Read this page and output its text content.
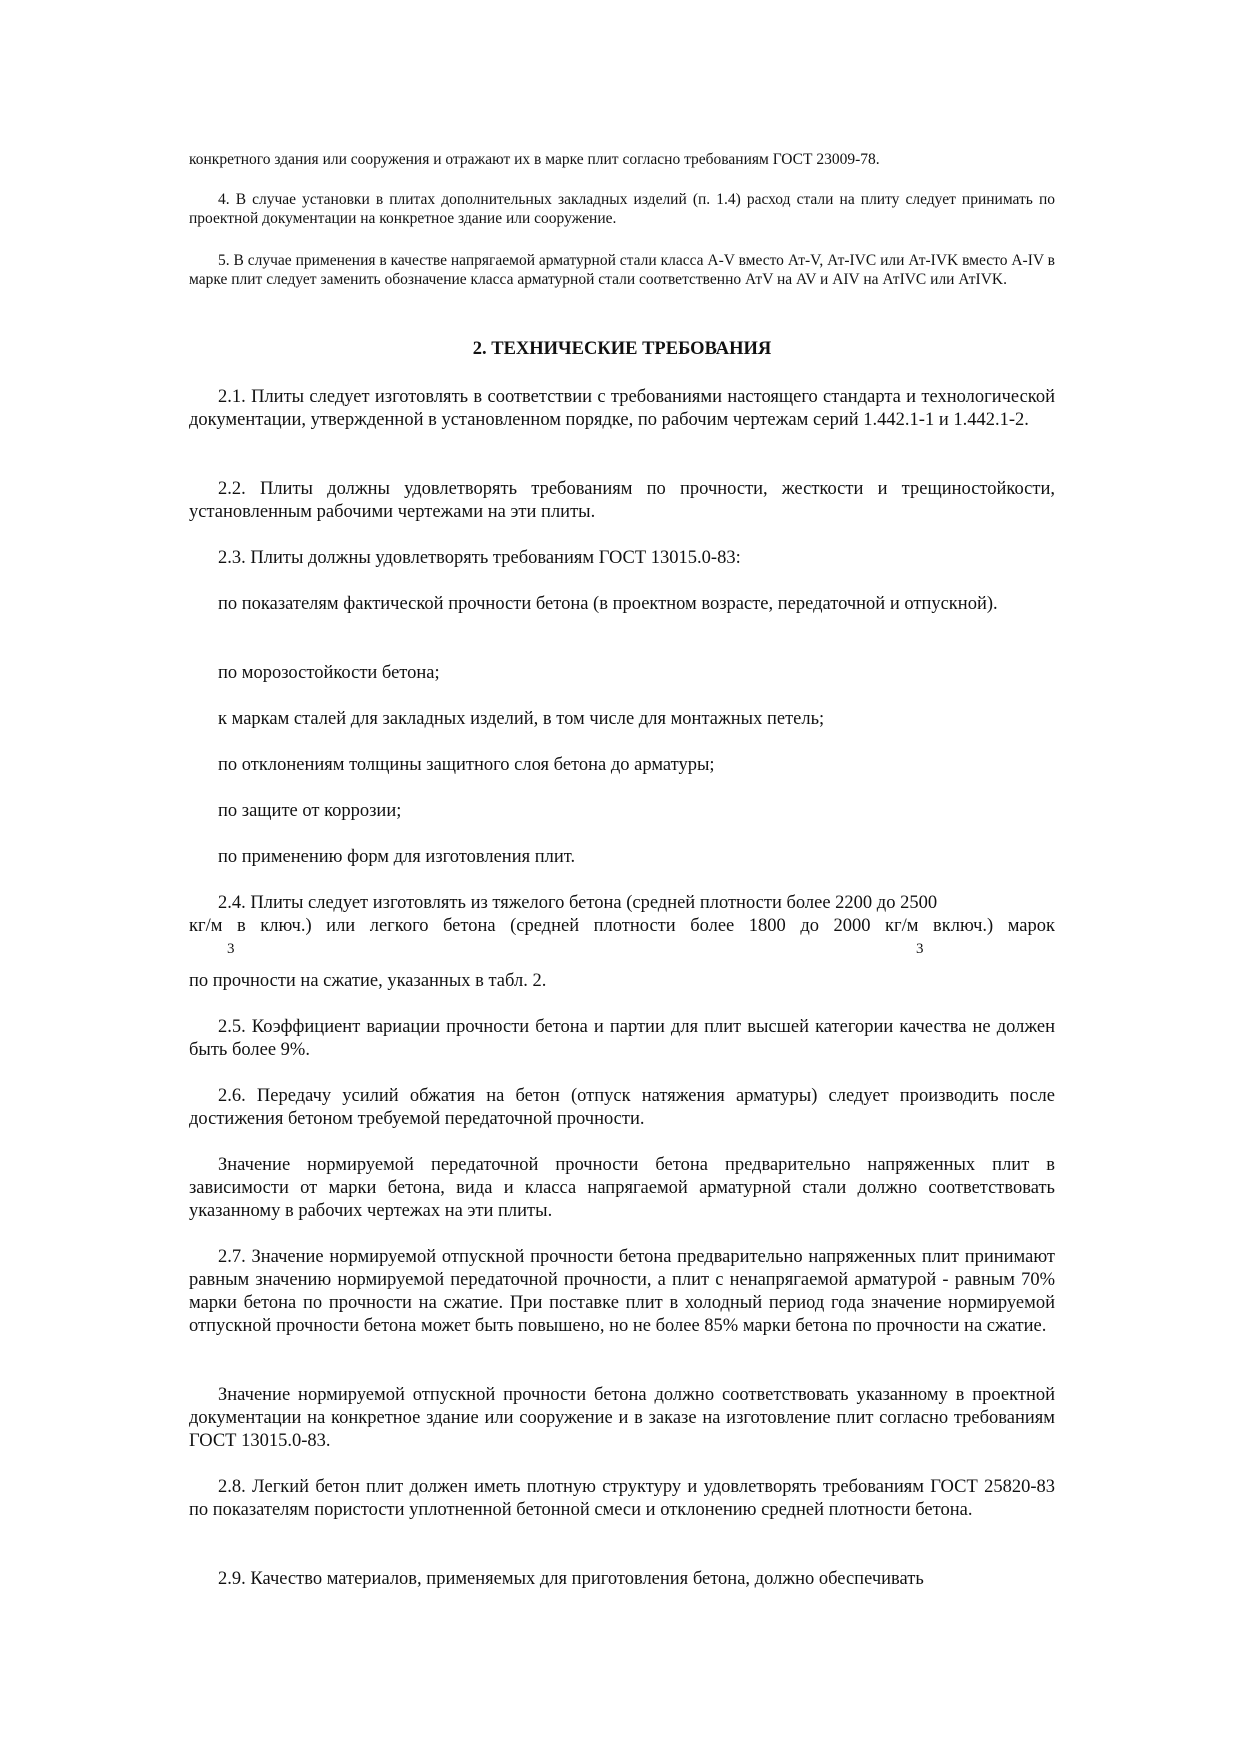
конкретного здания или сооружения и отражают их в марке плит согласно требованиям ГОСТ 23009-78.

4. В случае установки в плитах дополнительных закладных изделий (п. 1.4) расход стали на плиту следует принимать по проектной документации на конкретное здание или сооружение.

5. В случае применения в качестве напрягаемой арматурной стали класса A-V вместо Ат-V, Ат-IVC или Ат-IVK вместо A-IV в марке плит следует заменить обозначение класса арматурной стали соответственно АтV на AV и AIV на АтIVC или АтIVK.

2. ТЕХНИЧЕСКИЕ ТРЕБОВАНИЯ

2.1. Плиты следует изготовлять в соответствии с требованиями настоящего стандарта и технологической документации, утвержденной в установленном порядке, по рабочим чертежам серий 1.442.1-1 и 1.442.1-2.

2.2. Плиты должны удовлетворять требованиям по прочности, жесткости и трещиностойкости, установленным рабочими чертежами на эти плиты.

2.3. Плиты должны удовлетворять требованиям ГОСТ 13015.0-83:

по показателям фактической прочности бетона (в проектном возрасте, передаточной и отпускной).

по морозостойкости бетона;

к маркам сталей для закладных изделий, в том числе для монтажных петель;

по отклонениям толщины защитного слоя бетона до арматуры;

по защите от коррозии;

по применению форм для изготовления плит.

2.4. Плиты следует изготовлять из тяжелого бетона (средней плотности более 2200 до 2500

кг/м в ключ.) или легкого бетона (средней плотности более 1800 до 2000 кг/м включ.) марок

3	3

по прочности на сжатие, указанных в табл. 2.

2.5. Коэффициент вариации прочности бетона и партии для плит высшей категории качества не должен быть более 9%.

2.6. Передачу усилий обжатия на бетон (отпуск натяжения арматуры) следует производить после достижения бетоном требуемой передаточной прочности.

Значение нормируемой передаточной прочности бетона предварительно напряженных плит в зависимости от марки бетона, вида и класса напрягаемой арматурной стали должно соответствовать указанному в рабочих чертежах на эти плиты.

2.7. Значение нормируемой отпускной прочности бетона предварительно напряженных плит принимают равным значению нормируемой передаточной прочности, а плит с ненапрягаемой арматурой - равным 70% марки бетона по прочности на сжатие. При поставке плит в холодный период года значение нормируемой отпускной прочности бетона может быть повышено, но не более 85% марки бетона по прочности на сжатие.

Значение нормируемой отпускной прочности бетона должно соответствовать указанному в проектной документации на конкретное здание или сооружение и в заказе на изготовление плит согласно требованиям ГОСТ 13015.0-83.

2.8. Легкий бетон плит должен иметь плотную структуру и удовлетворять требованиям ГОСТ 25820-83 по показателям пористости уплотненной бетонной смеси и отклонению средней плотности бетона.

2.9. Качество материалов, применяемых для приготовления бетона, должно обеспечивать
